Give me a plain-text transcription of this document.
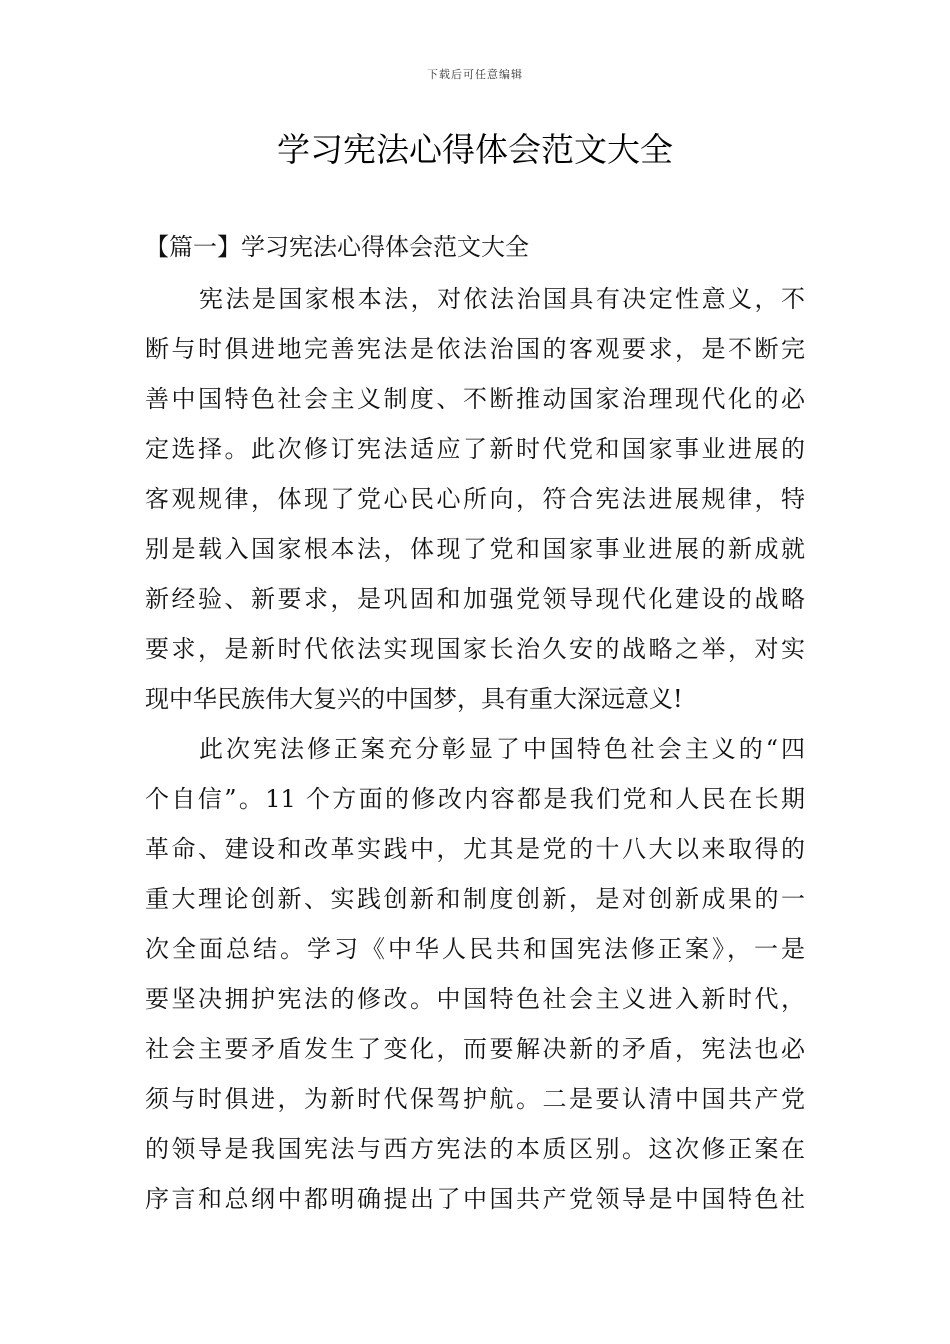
下载后可任意编辑
学习宪法心得体会范文大全
【篇一】学习宪法心得体会范文大全
宪法是国家根本法，对依法治国具有决定性意义，不
断与时俱进地完善宪法是依法治国的客观要求，是不断完
善中国特色社会主义制度、不断推动国家治理现代化的必
定选择。此次修订宪法适应了新时代党和国家事业进展的
客观规律，体现了党心民心所向，符合宪法进展规律，特
别是载入国家根本法，体现了党和国家事业进展的新成就
新经验、新要求，是巩固和加强党领导现代化建设的战略
要求，是新时代依法实现国家长治久安的战略之举，对实
现中华民族伟大复兴的中国梦，具有重大深远意义!
此次宪法修正案充分彰显了中国特色社会主义的“四
个自信”。11 个方面的修改内容都是我们党和人民在长期
革命、建设和改革实践中，尤其是党的十八大以来取得的
重大理论创新、实践创新和制度创新，是对创新成果的一
次全面总结。学习《中华人民共和国宪法修正案》，一是
要坚决拥护宪法的修改。中国特色社会主义进入新时代，
社会主要矛盾发生了变化，而要解决新的矛盾，宪法也必
须与时俱进，为新时代保驾护航。二是要认清中国共产党
的领导是我国宪法与西方宪法的本质区别。这次修正案在
序言和总纲中都明确提出了中国共产党领导是中国特色社
